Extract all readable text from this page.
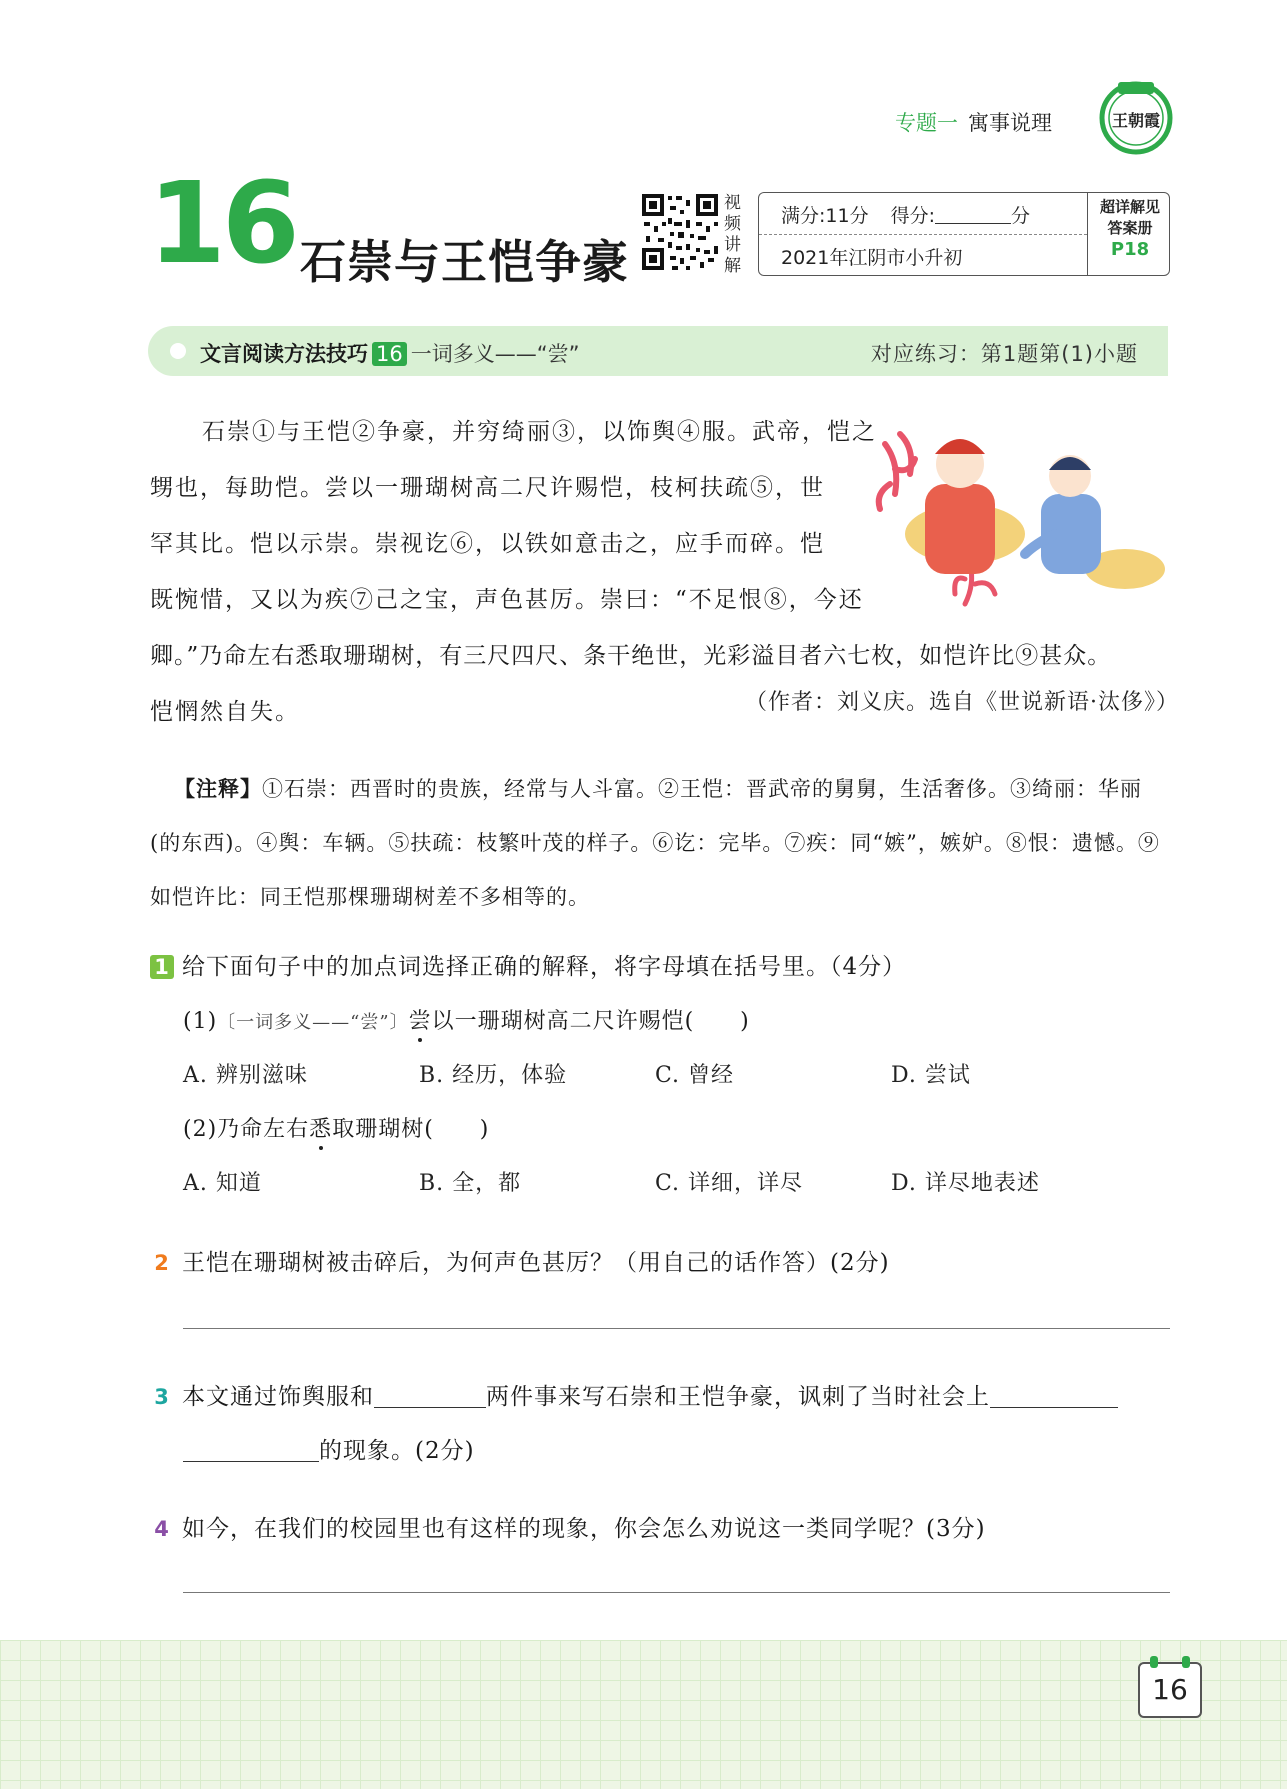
专题一 寓事说理	王朝霞
16 石崇与王恺争豪
视频讲解
满分:11分 得分:	分
2021年江阴市小升初
超详解见
答案册
P18
文言阅读方法技巧 16 一词多义——“尝”	对应练习：第1题第(1)小题
石崇①与王恺②争豪，并穷绮丽③，以饰舆④服。武帝，恺之
甥也，每助恺。尝以一珊瑚树高二尺许赐恺，枝柯扶疏⑤，世
罕其比。恺以示崇。崇视讫⑥，以铁如意击之，应手而碎。恺
既惋惜，又以为疾⑦己之宝，声色甚厉。崇曰：“不足恨⑧，今还
卿。”乃命左右悉取珊瑚树，有三尺四尺、条干绝世，光彩溢目者六七枚，如恺许比⑨甚众。
恺惘然自失。	（作者：刘义庆。选自《世说新语·汰侈》）
【注释】①石崇：西晋时的贵族，经常与人斗富。②王恺：晋武帝的舅舅，生活奢侈。③绮丽：华丽(的东西)。④舆：车辆。⑤扶疏：枝繁叶茂的样子。⑥讫：完毕。⑦疾：同“嫉”，嫉妒。⑧恨：遗憾。⑨如恺许比：同王恺那棵珊瑚树差不多相等的。
1 给下面句子中的加点词选择正确的解释，将字母填在括号里。（4分）
(1)〔一词多义——“尝”〕尝以一珊瑚树高二尺许赐恺(　　)
A. 辨别滋味	B. 经历，体验	C. 曾经	D. 尝试
(2)乃命左右悉取珊瑚树(　　)
A. 知道	B. 全，都	C. 详细，详尽	D. 详尽地表述
2 王恺在珊瑚树被击碎后，为何声色甚厉？（用自己的话作答）(2分)
3 本文通过饰舆服和	两件事来写石崇和王恺争豪，讽刺了当时社会上
的现象。(2分)
4 如今，在我们的校园里也有这样的现象，你会怎么劝说这一类同学呢？(3分)
16
